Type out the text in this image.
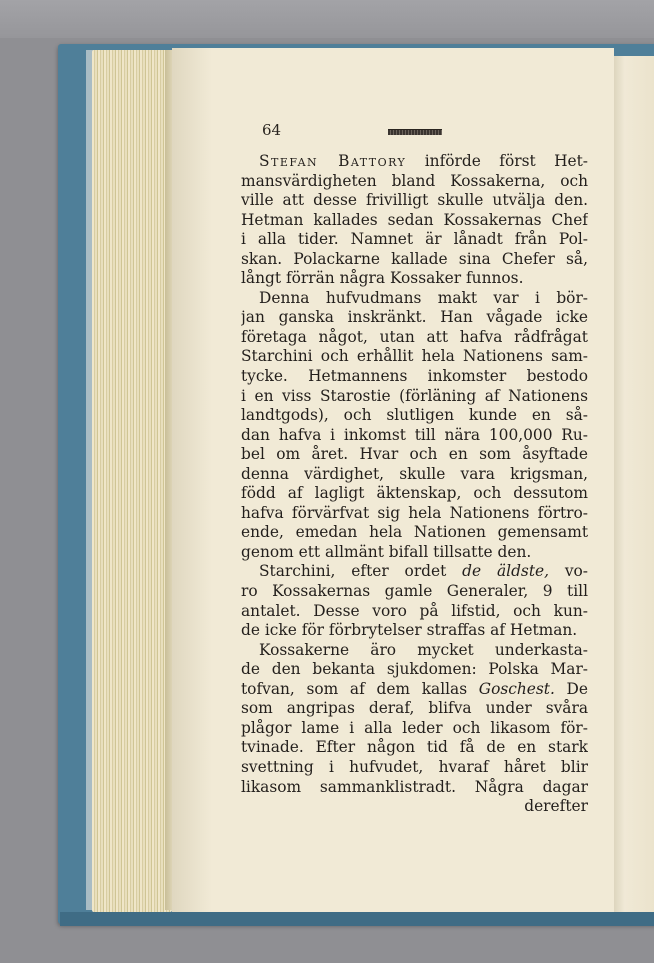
64
Stefan Battory införde först Het-
mansvärdigheten bland Kossakerna, och
ville att desse frivilligt skulle utvälja den.
Hetman kallades sedan Kossakernas Chef
i alla tider. Namnet är lånadt från Pol-
skan. Polackarne kallade sina Chefer så,
långt förrän några Kossaker funnos.
Denna hufvudmans makt var i bör-
jan ganska inskränkt. Han vågade icke
företaga något, utan att hafva rådfrågat
Starchini och erhållit hela Nationens sam-
tycke. Hetmannens inkomster bestodo
i en viss Starostie (förläning af Nationens
landtgods), och slutligen kunde en så-
dan hafva i inkomst till nära 100,000 Ru-
bel om året. Hvar och en som åsyftade
denna värdighet, skulle vara krigsman,
född af lagligt äktenskap, och dessutom
hafva förvärfvat sig hela Nationens förtro-
ende, emedan hela Nationen gemensamt
genom ett allmänt bifall tillsatte den.
Starchini, efter ordet de äldste, vo-
ro Kossakernas gamle Generaler, 9 till
antalet. Desse voro på lifstid, och kun-
de icke för förbrytelser straffas af Hetman.
Kossakerne äro mycket underkasta-
de den bekanta sjukdomen: Polska Mar-
tofvan, som af dem kallas Goschest. De
som angripas deraf, blifva under svåra
plågor lame i alla leder och likasom för-
tvinade. Efter någon tid få de en stark
svettning i hufvudet, hvaraf håret blir
likasom sammanklistradt. Några dagar
derefter
